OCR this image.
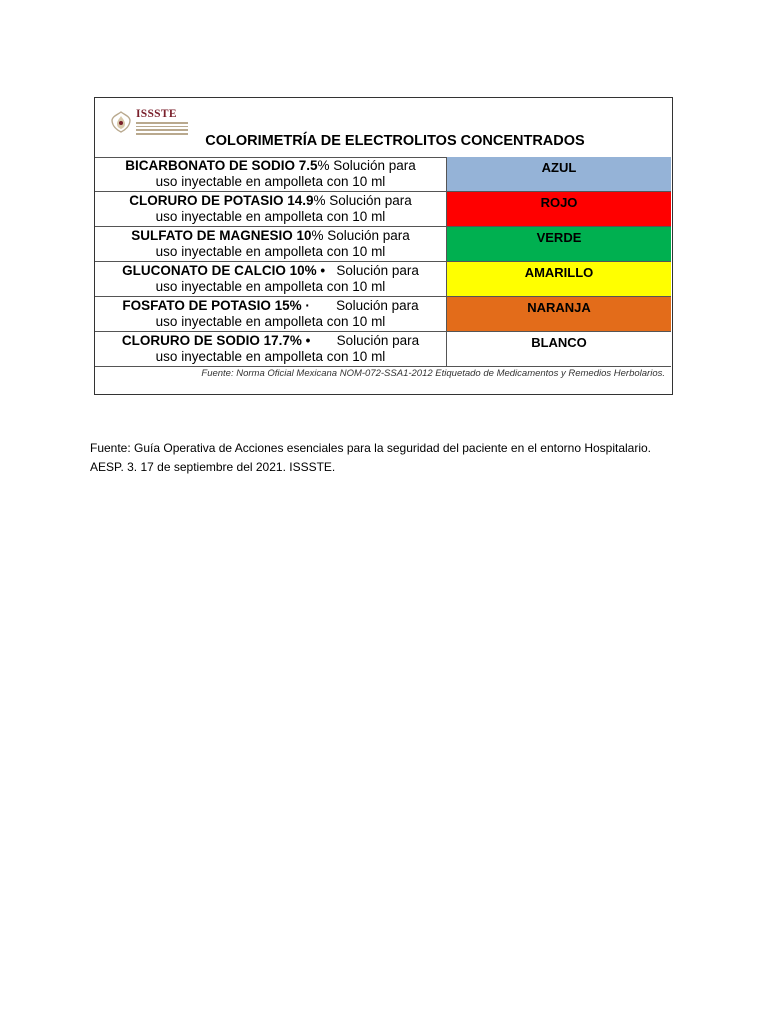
ISSSTE
COLORIMETRÍA DE ELECTROLITOS CONCENTRADOS
BICARBONATO DE SODIO 7.5% Solución para
uso inyectable en ampolleta con 10 ml
AZUL
CLORURO DE POTASIO 14.9% Solución para
uso inyectable en ampolleta con 10 ml
ROJO
SULFATO DE MAGNESIO 10% Solución para
uso inyectable en ampolleta con 10 ml
VERDE
GLUCONATO DE CALCIO 10% •   Solución para
uso inyectable en ampolleta con 10 ml
AMARILLO
FOSFATO DE POTASIO 15% ·       Solución para
uso inyectable en ampolleta con 10 ml
NARANJA
CLORURO DE SODIO 17.7% •       Solución para
uso inyectable en ampolleta con 10 ml
BLANCO
Fuente: Norma Oficial Mexicana NOM-072-SSA1-2012 Etiquetado de Medicamentos y Remedios Herbolarios.
Fuente: Guía Operativa de Acciones esenciales para la seguridad del paciente en el entorno Hospitalario.
AESP. 3. 17 de septiembre del 2021. ISSSTE.
